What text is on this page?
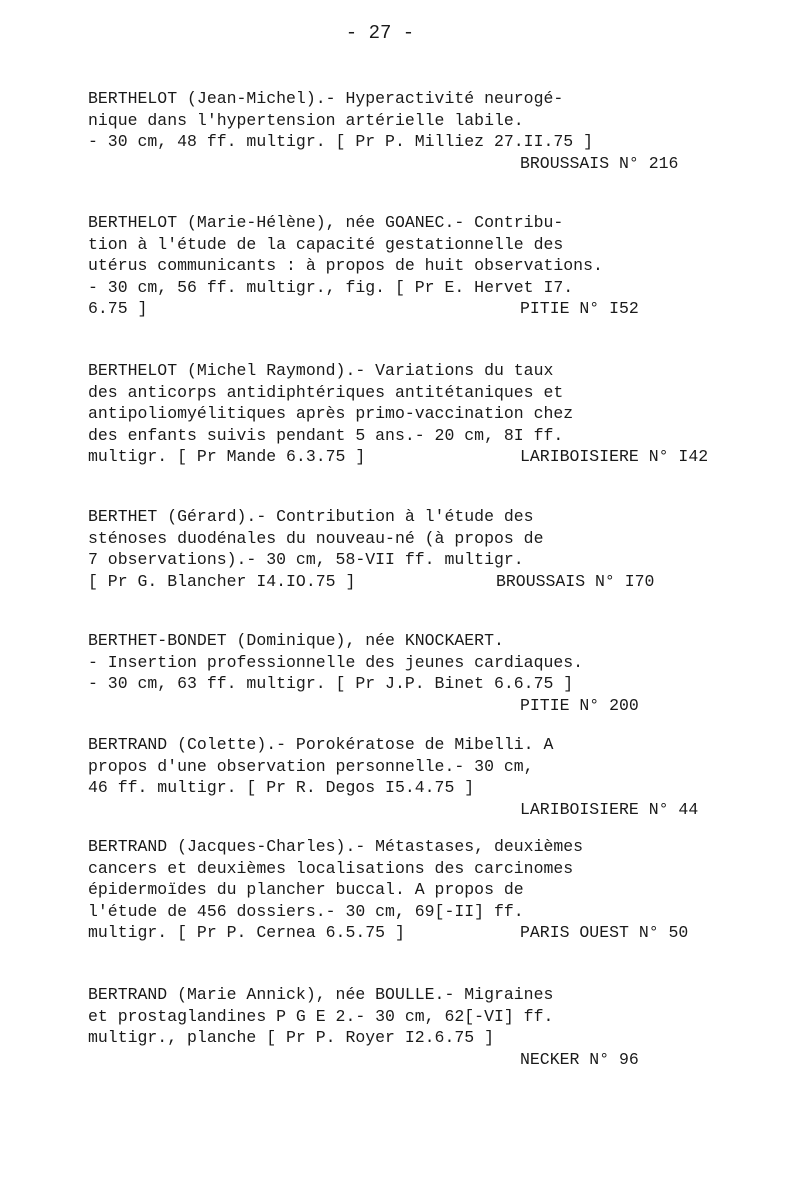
- 27 -
BERTHELOT (Jean-Michel).- Hyperactivité neurogé-
nique dans l'hypertension artérielle labile.
- 30 cm, 48 ff. multigr. [ Pr P. Milliez 27.II.75 ]
BROUSSAIS N° 216
BERTHELOT (Marie-Hélène), née GOANEC.- Contribu-
tion à l'étude de la capacité gestationnelle des
utérus communicants : à propos de huit observations.
- 30 cm, 56 ff. multigr., fig. [ Pr E. Hervet I7.

6.75 ]

	PITIE N° I52

BERTHELOT (Michel Raymond).- Variations du taux
des anticorps antidiphtériques antitétaniques et
antipoliomyélitiques après primo-vaccination chez
des enfants suivis pendant 5 ans.- 20 cm, 8I ff.

multigr. [ Pr Mande 6.3.75 ]

	LARIBOISIERE N° I42

BERTHET (Gérard).- Contribution à l'étude des
sténoses duodénales du nouveau-né (à propos de
7 observations).- 30 cm, 58-VII ff. multigr.

[ Pr G. Blancher I4.IO.75 ]

	BROUSSAIS N° I70

BERTHET-BONDET (Dominique), née KNOCKAERT.
- Insertion professionnelle des jeunes cardiaques.
- 30 cm, 63 ff. multigr. [ Pr J.P. Binet 6.6.75 ]
PITIE N° 200
BERTRAND (Colette).- Porokératose de Mibelli. A
propos d'une observation personnelle.- 30 cm,
46 ff. multigr. [ Pr R. Degos I5.4.75 ]
LARIBOISIERE N° 44
BERTRAND (Jacques-Charles).- Métastases, deuxièmes
cancers et deuxièmes localisations des carcinomes
épidermoïdes du plancher buccal. A propos de
l'étude de 456 dossiers.- 30 cm, 69[-II] ff.

multigr. [ Pr P. Cernea 6.5.75 ]

	PARIS OUEST N° 50

BERTRAND (Marie Annick), née BOULLE.- Migraines
et prostaglandines P G E 2.- 30 cm, 62[-VI] ff.
multigr., planche [ Pr P. Royer I2.6.75 ]
NECKER N° 96
